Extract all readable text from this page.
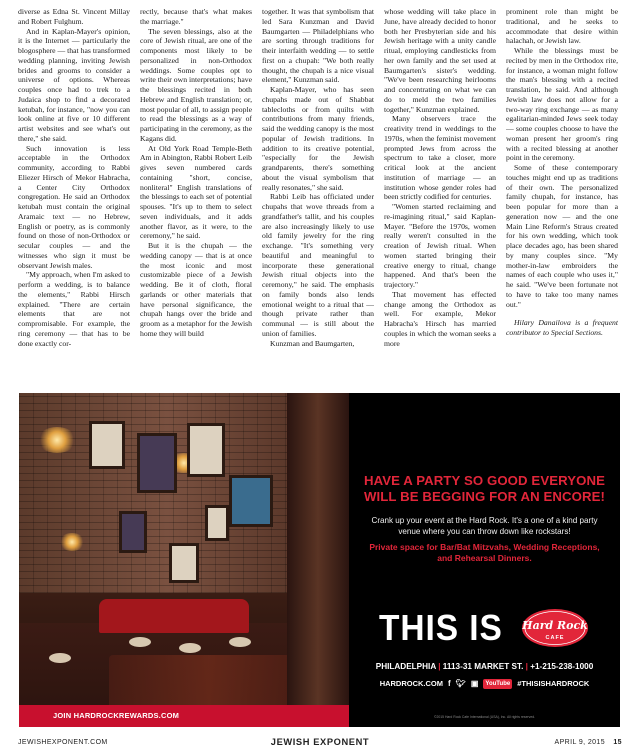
diverse as Edna St. Vincent Millay and Robert Fulghum.

And in Kaplan-Mayer's opinion, it is the Internet — particularly the blogosphere — that has transformed wedding planning, inviting Jewish brides and grooms to consider a universe of options. Whereas couples once had to trek to a Judaica shop to find a decorated ketubah, for instance, "now you can look online at five or 10 different artist websites and see what's out there," she said.

Such innovation is less acceptable in the Orthodox community, according to Rabbi Eliezer Hirsch of Mekor Habracha, a Center City Orthodox congregation. He said an Orthodox ketubah must contain the original Aramaic text — no Hebrew, English or poetry, as is commonly found on those of non-Orthodox or secular couples — and the witnesses who sign it must be observant Jewish males.

"My approach, when I'm asked to perform a wedding, is to balance the elements," Rabbi Hirsch explained. "There are certain elements that are not compromisable. For example, the ring ceremony — that has to be done exactly cor-

rectly, because that's what makes the marriage."

The seven blessings, also at the core of Jewish ritual, are one of the components most likely to be personalized in non-Orthodox weddings. Some couples opt to write their own interpretations; have the blessings recited in both Hebrew and English translation; or, most popular of all, to assign people to read the blessings as a way of participating in the ceremony, as the Kagans did.

At Old York Road Temple-Beth Am in Abington, Rabbi Robert Leib gives seven numbered cards containing "short, concise, nonliteral" English translations of the blessings to each set of potential spouses. "It's up to them to select seven individuals, and it adds another flavor, as it were, to the ceremony," he said.

But it is the chupah — the wedding canopy — that is at once the most iconic and most customizable piece of a Jewish wedding. Be it of cloth, floral garlands or other materials that have personal significance, the chupah hangs over the bride and groom as a metaphor for the Jewish home they will build

together. It was that symbolism that led Sara Kunzman and David Baumgarten — Philadelphians who are sorting through traditions for their interfaith wedding — to settle first on a chupah: "We both really thought, the chupah is a nice visual element," Kunzman said.

Kaplan-Mayer, who has seen chupahs made out of Shabbat tablecloths or from quilts with contributions from many friends, said the wedding canopy is the most popular of Jewish traditions. In addition to its creative potential, "especially for the Jewish grandparents, there's something about the visual symbolism that really resonates," she said.

Rabbi Leib has officiated under chupahs that wove threads from a grandfather's tallit, and his couples are also increasingly likely to use old family jewelry for the ring exchange. "It's something very beautiful and meaningful to incorporate these generational Jewish ritual objects into the ceremony," he said. The emphasis on family bonds also lends emotional weight to a ritual that — though private rather than communal — is still about the union of families.

Kunzman and Baumgarten,

whose wedding will take place in June, have already decided to honor both her Presbyterian side and his Jewish heritage with a unity candle ritual, employing candlesticks from her own family and the set used at Baumgarten's sister's wedding. "We've been researching heirlooms and concentrating on what we can do to meld the two families together," Kunzman explained.

Many observers trace the creativity trend in weddings to the 1970s, when the feminist movement prompted Jews from across the spectrum to take a closer, more critical look at the ancient institution of marriage — an institution whose gender roles had been strictly codified for centuries.

"Women started reclaiming and re-imagining ritual," said Kaplan-Mayer. "Before the 1970s, women really weren't consulted in the creation of Jewish ritual. When women started bringing their creative energy to ritual, change happened. And that's been the trajectory."

That movement has effected change among the Orthodox as well. For example, Mekor Habracha's Hirsch has married couples in which the woman seeks a more

prominent role than might be traditional, and he seeks to accommodate that desire within halachah, or Jewish law.

While the blessings must be recited by men in the Orthodox rite, for instance, a woman might follow the man's blessing with a recited translation, he said. And although Jewish law does not allow for a two-way ring exchange — as many egalitarian-minded Jews seek today — some couples choose to have the woman present her groom's ring with a recited blessing at another point in the ceremony.

Some of these contemporary touches might end up as traditions of their own. The personalized family chupah, for instance, has been popular for more than a generation now — and the one Main Line Reform's Straus created for his own wedding, which took place decades ago, has been shared by many couples since. "My mother-in-law embroiders the names of each couple who uses it," he said. "We've been fortunate not to have to take too many names out."

Hilary Danailova is a frequent contributor to Special Sections.

JOIN HARDROCKREWARDS.COM
HAVE A PARTY SO GOOD EVERYONE WILL BE BEGGING FOR AN ENCORE!
Crank up your event at the Hard Rock. It's a one of a kind party venue where you can throw down like rockstars!
Private space for Bar/Bat Mitzvahs, Wedding Receptions, and Rehearsal Dinners.
THIS IS Hard Rock
CAFE
PHILADELPHIA | 1113-31 MARKET ST. | +1-215-238-1000
HARDROCK.COM f 🐦︎ ▣	YouTube #THISISHARDROCK
©2015 Hard Rock Cafe International (USA), Inc. All rights reserved.
JEWISHEXPONENT.COM	JEWISH EXPONENT	APRIL 9, 2015 15
